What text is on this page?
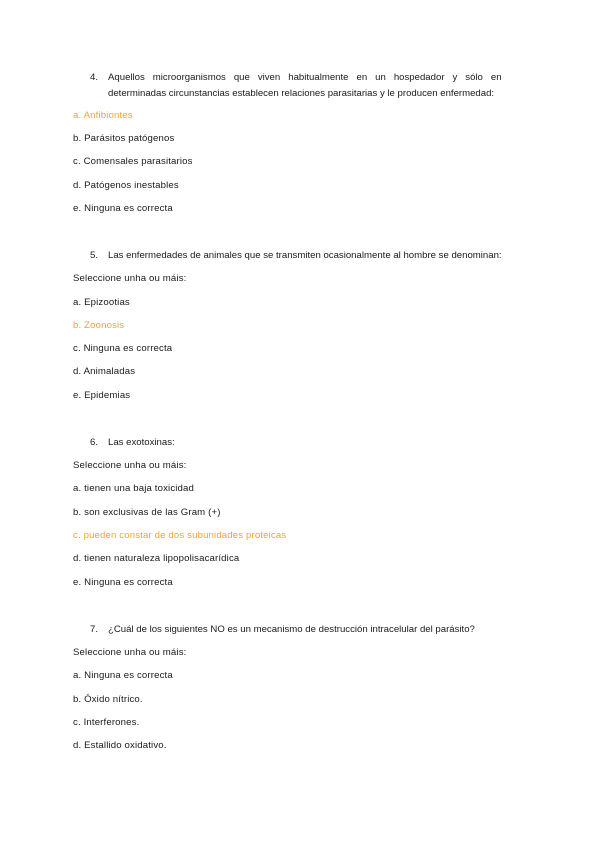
4.	Aquellos   microorganismos   que   viven   habitualmente   en   un   hospedador   y   sólo   en
determinadas circunstancias establecen relaciones parasitarias y le producen enfermedad:
a. Anfibiontes
b. Parásitos patógenos
c. Comensales parasitarios
d. Patógenos inestables
e. Ninguna es correcta
5.	Las enfermedades de animales que se transmiten ocasionalmente al hombre se denominan:
Seleccione unha ou máis:
a. Epizootias
b. Zoonosis
c. Ninguna es correcta
d. Animaladas
e. Epidemias
6.	Las exotoxinas:
Seleccione unha ou máis:
a. tienen una baja toxicidad
b. son exclusivas de las Gram (+)
c. pueden constar de dos subunidades proteicas
d. tienen naturaleza lipopolisacarídica
e. Ninguna es correcta
7.	¿Cuál de los siguientes NO es un mecanismo de destrucción intracelular del parásito?
Seleccione unha ou máis:
a. Ninguna es correcta
b. Óxido nítrico.
c. Interferones.
d. Estallido oxidativo.
